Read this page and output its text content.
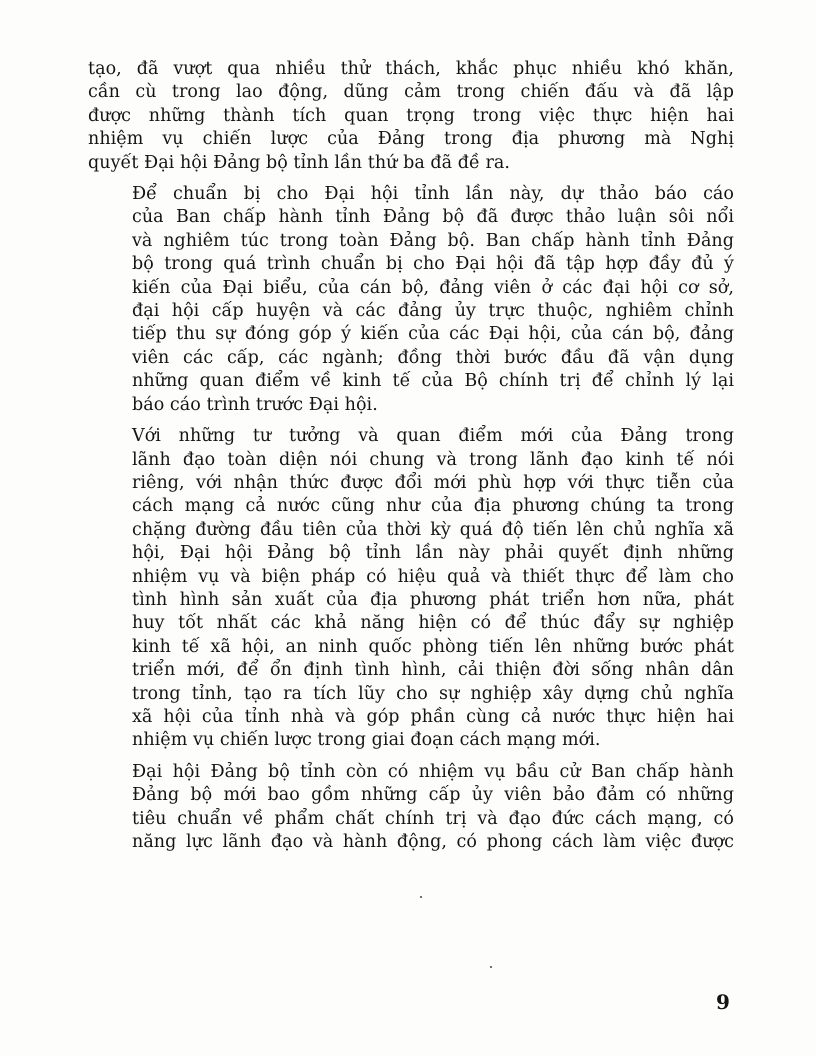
tạo, đã vượt qua nhiều thử thách, khắc phục nhiều khó khăn,
cần cù trong lao động, dũng cảm trong chiến đấu và đã lập
được những thành tích quan trọng trong việc thực hiện hai
nhiệm vụ chiến lược của Đảng trong địa phương mà Nghị
quyết Đại hội Đảng bộ tỉnh lần thứ ba đã đề ra.

Để chuẩn bị cho Đại hội tỉnh lần này, dự thảo báo cáo
của Ban chấp hành tỉnh Đảng bộ đã được thảo luận sôi nổi
và nghiêm túc trong toàn Đảng bộ. Ban chấp hành tỉnh Đảng
bộ trong quá trình chuẩn bị cho Đại hội đã tập hợp đầy đủ ý
kiến của Đại biểu, của cán bộ, đảng viên ở các đại hội cơ sở,
đại hội cấp huyện và các đảng ủy trực thuộc, nghiêm chỉnh
tiếp thu sự đóng góp ý kiến của các Đại hội, của cán bộ, đảng
viên các cấp, các ngành; đồng thời bước đầu đã vận dụng
những quan điểm về kinh tế của Bộ chính trị để chỉnh lý lại
báo cáo trình trước Đại hội.

Với những tư tưởng và quan điểm mới của Đảng trong
lãnh đạo toàn diện nói chung và trong lãnh đạo kinh tế nói
riêng, với nhận thức được đổi mới phù hợp với thực tiễn của
cách mạng cả nước cũng như của địa phương chúng ta trong
chặng đường đầu tiên của thời kỳ quá độ tiến lên chủ nghĩa xã
hội, Đại hội Đảng bộ tỉnh lần này phải quyết định những
nhiệm vụ và biện pháp có hiệu quả và thiết thực để làm cho
tình hình sản xuất của địa phương phát triển hơn nữa, phát
huy tốt nhất các khả năng hiện có để thúc đẩy sự nghiệp
kinh tế xã hội, an ninh quốc phòng tiến lên những bước phát
triển mới, để ổn định tình hình, cải thiện đời sống nhân dân
trong tỉnh, tạo ra tích lũy cho sự nghiệp xây dựng chủ nghĩa
xã hội của tỉnh nhà và góp phần cùng cả nước thực hiện hai
nhiệm vụ chiến lược trong giai đoạn cách mạng mới.

Đại hội Đảng bộ tỉnh còn có nhiệm vụ bầu cử Ban chấp hành
Đảng bộ mới bao gồm những cấp ủy viên bảo đảm có những
tiêu chuẩn về phẩm chất chính trị và đạo đức cách mạng, có
năng lực lãnh đạo và hành động, có phong cách làm việc được

9
